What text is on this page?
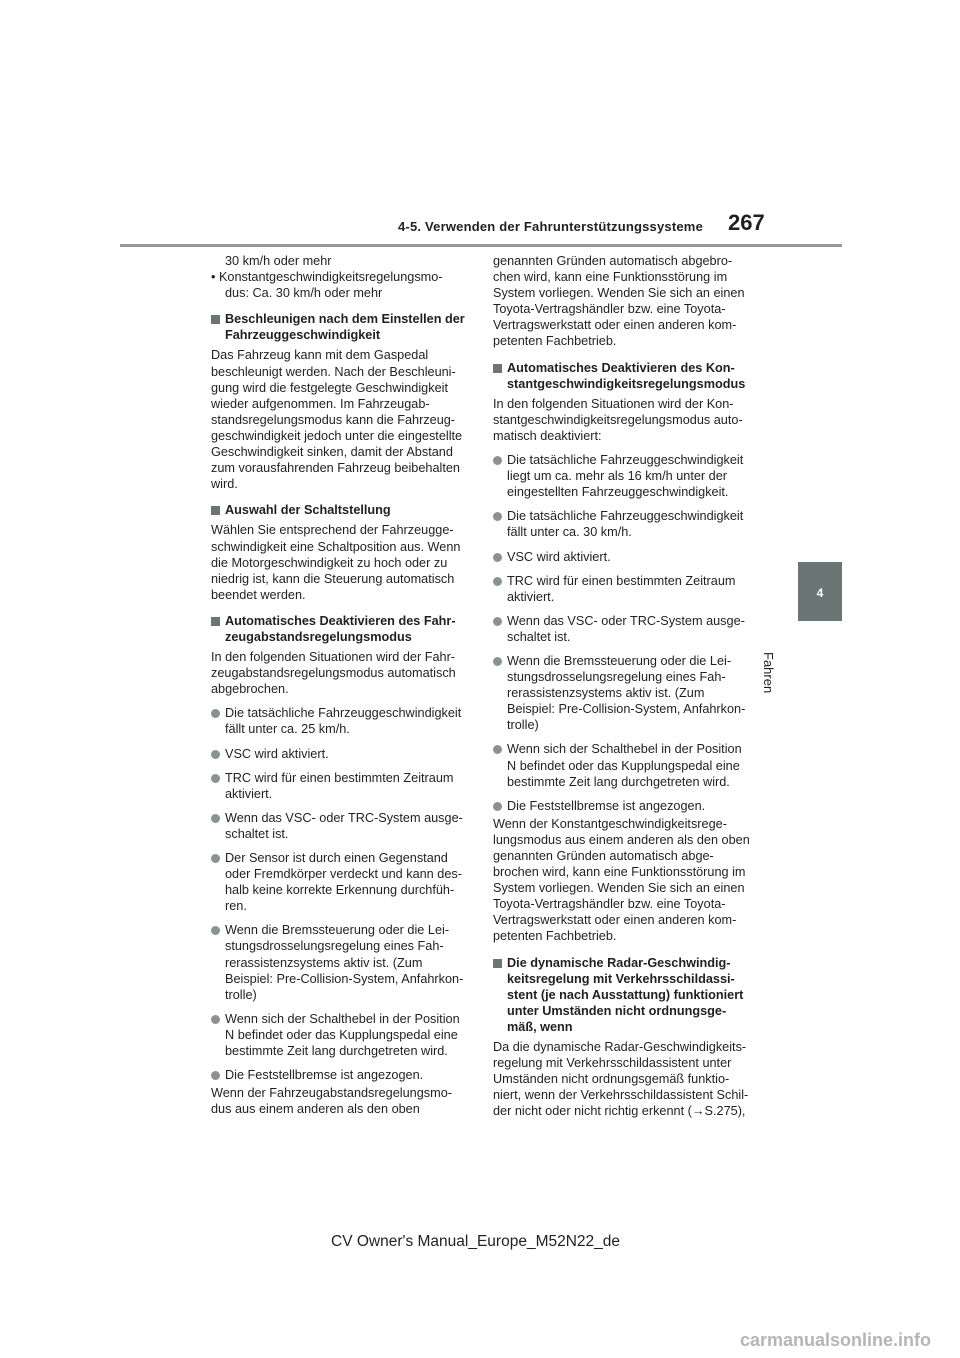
4-5. Verwenden der Fahrunterstützungssysteme 267
4
Fahren

30 km/h oder mehr

• Konstantgeschwindigkeitsregelungsmo-

dus: Ca. 30 km/h oder mehr

Beschleunigen nach dem Einstellen der Fahrzeuggeschwindigkeit

Das Fahrzeug kann mit dem Gaspedal beschleunigt werden. Nach der Beschleuni-gung wird die festgelegte Geschwindigkeit wieder aufgenommen. Im Fahrzeugab-standsregelungsmodus kann die Fahrzeug-geschwindigkeit jedoch unter die eingestellte Geschwindigkeit sinken, damit der Abstand zum vorausfahrenden Fahrzeug beibehalten wird.

Auswahl der Schaltstellung

Wählen Sie entsprechend der Fahrzeugge-schwindigkeit eine Schaltposition aus. Wenn die Motorgeschwindigkeit zu hoch oder zu niedrig ist, kann die Steuerung automatisch beendet werden.

Automatisches Deaktivieren des Fahr-zeugabstandsregelungsmodus

In den folgenden Situationen wird der Fahr-zeugabstandsregelungsmodus automatisch abgebrochen.

Die tatsächliche Fahrzeuggeschwindigkeit fällt unter ca. 25 km/h.
VSC wird aktiviert.
TRC wird für einen bestimmten Zeitraum aktiviert.
Wenn das VSC- oder TRC-System ausge-schaltet ist.
Der Sensor ist durch einen Gegenstand oder Fremdkörper verdeckt und kann des-halb keine korrekte Erkennung durchfüh-ren.
Wenn die Bremssteuerung oder die Lei-stungsdrosselungsregelung eines Fah-rerassistenzsystems aktiv ist. (Zum Beispiel: Pre-Collision-System, Anfahrkon-trolle)
Wenn sich der Schalthebel in der Position N befindet oder das Kupplungspedal eine bestimmte Zeit lang durchgetreten wird.
Die Feststellbremse ist angezogen.

Wenn der Fahrzeugabstandsregelungsmo-dus aus einem anderen als den oben

genannten Gründen automatisch abgebro-chen wird, kann eine Funktionsstörung im System vorliegen. Wenden Sie sich an einen Toyota-Vertragshändler bzw. eine Toyota-Vertragswerkstatt oder einen anderen kom-petenten Fachbetrieb.

Automatisches Deaktivieren des Kon-stantgeschwindigkeitsregelungsmodus

In den folgenden Situationen wird der Kon-stantgeschwindigkeitsregelungsmodus auto-matisch deaktiviert:

Die tatsächliche Fahrzeuggeschwindigkeit liegt um ca. mehr als 16 km/h unter der eingestellten Fahrzeuggeschwindigkeit.
Die tatsächliche Fahrzeuggeschwindigkeit fällt unter ca. 30 km/h.
VSC wird aktiviert.
TRC wird für einen bestimmten Zeitraum aktiviert.
Wenn das VSC- oder TRC-System ausge-schaltet ist.
Wenn die Bremssteuerung oder die Lei-stungsdrosselungsregelung eines Fah-rerassistenzsystems aktiv ist. (Zum Beispiel: Pre-Collision-System, Anfahrkon-trolle)
Wenn sich der Schalthebel in der Position N befindet oder das Kupplungspedal eine bestimmte Zeit lang durchgetreten wird.
Die Feststellbremse ist angezogen.

Wenn der Konstantgeschwindigkeitsrege-lungsmodus aus einem anderen als den oben genannten Gründen automatisch abge-brochen wird, kann eine Funktionsstörung im System vorliegen. Wenden Sie sich an einen Toyota-Vertragshändler bzw. eine Toyota-Vertragswerkstatt oder einen anderen kom-petenten Fachbetrieb.

Die dynamische Radar-Geschwindig-keitsregelung mit Verkehrsschildassi-stent (je nach Ausstattung) funktioniert unter Umständen nicht ordnungsge-mäß, wenn

Da die dynamische Radar-Geschwindigkeits-regelung mit Verkehrsschildassistent unter Umständen nicht ordnungsgemäß funktio-niert, wenn der Verkehrsschildassistent Schil-der nicht oder nicht richtig erkennt (→S.275),

CV Owner's Manual_Europe_M52N22_de
carmanualsonline.info
